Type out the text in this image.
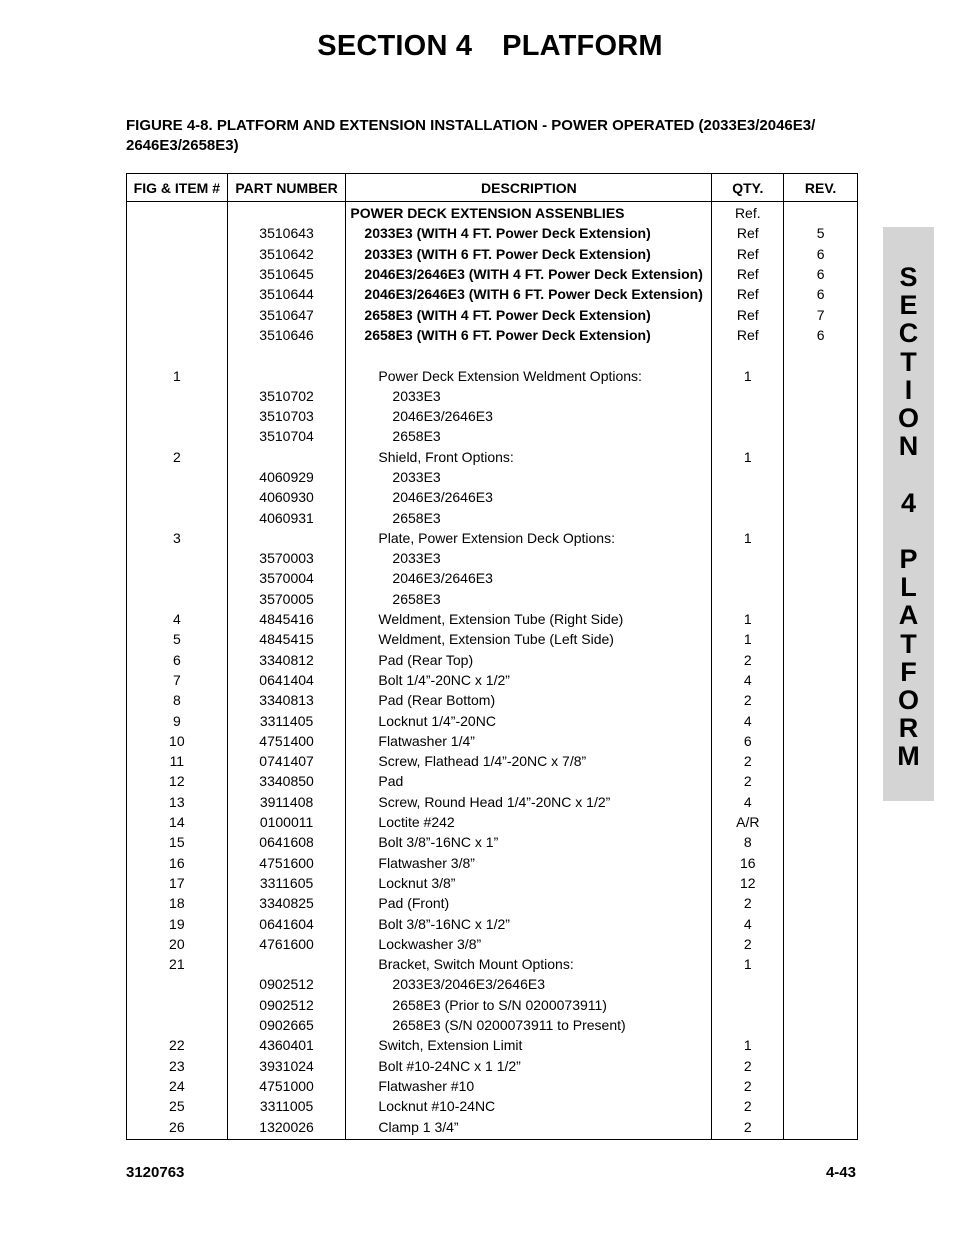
SECTION 4 PLATFORM
FIGURE 4-8. PLATFORM AND EXTENSION INSTALLATION - POWER OPERATED (2033E3/2046E3/
2646E3/2658E3)
FIG & ITEM #	PART NUMBER	DESCRIPTION	QTY.	REV.
		POWER DECK EXTENSION ASSENBLIES	Ref.	
	3510643	2033E3 (WITH 4 FT. Power Deck Extension)	Ref	5
	3510642	2033E3 (WITH 6 FT. Power Deck Extension)	Ref	6
	3510645	2046E3/2646E3 (WITH 4 FT. Power Deck Extension)	Ref	6
	3510644	2046E3/2646E3 (WITH 6 FT. Power Deck Extension)	Ref	6
	3510647	2658E3 (WITH 4 FT. Power Deck Extension)	Ref	7
	3510646	2658E3 (WITH 6 FT. Power Deck Extension)	Ref	6

1		Power Deck Extension Weldment Options:	1	
	3510702	2033E3		
	3510703	2046E3/2646E3		
	3510704	2658E3		
2		Shield, Front Options:	1	
	4060929	2033E3		
	4060930	2046E3/2646E3		
	4060931	2658E3		
3		Plate, Power Extension Deck Options:	1	
	3570003	2033E3		
	3570004	2046E3/2646E3		
	3570005	2658E3		
4	4845416	Weldment, Extension Tube (Right Side)	1	
5	4845415	Weldment, Extension Tube (Left Side)	1	
6	3340812	Pad (Rear Top)	2	
7	0641404	Bolt 1/4”-20NC x 1/2”	4	
8	3340813	Pad (Rear Bottom)	2	
9	3311405	Locknut 1/4”-20NC	4	
10	4751400	Flatwasher 1/4”	6	
11	0741407	Screw, Flathead 1/4”-20NC x 7/8”	2	
12	3340850	Pad	2	
13	3911408	Screw, Round Head 1/4”-20NC x 1/2”	4	
14	0100011	Loctite #242	A/R	
15	0641608	Bolt 3/8”-16NC x 1”	8	
16	4751600	Flatwasher 3/8”	16	
17	3311605	Locknut 3/8”	12	
18	3340825	Pad (Front)	2	
19	0641604	Bolt 3/8”-16NC x 1/2”	4	
20	4761600	Lockwasher 3/8”	2	
21		Bracket, Switch Mount Options:	1	
	0902512	2033E3/2046E3/2646E3		
	0902512	2658E3 (Prior to S/N 0200073911)		
	0902665	2658E3 (S/N 0200073911 to Present)		
22	4360401	Switch, Extension Limit	1	
23	3931024	Bolt #10-24NC x 1 1/2”	2	
24	4751000	Flatwasher #10	2	
25	3311005	Locknut #10-24NC	2	
26	1320026	Clamp 1 3/4”	2	
S
E
C
T
I
O
N
4
P
L
A
T
F
O
R
M
3120763	4-43
